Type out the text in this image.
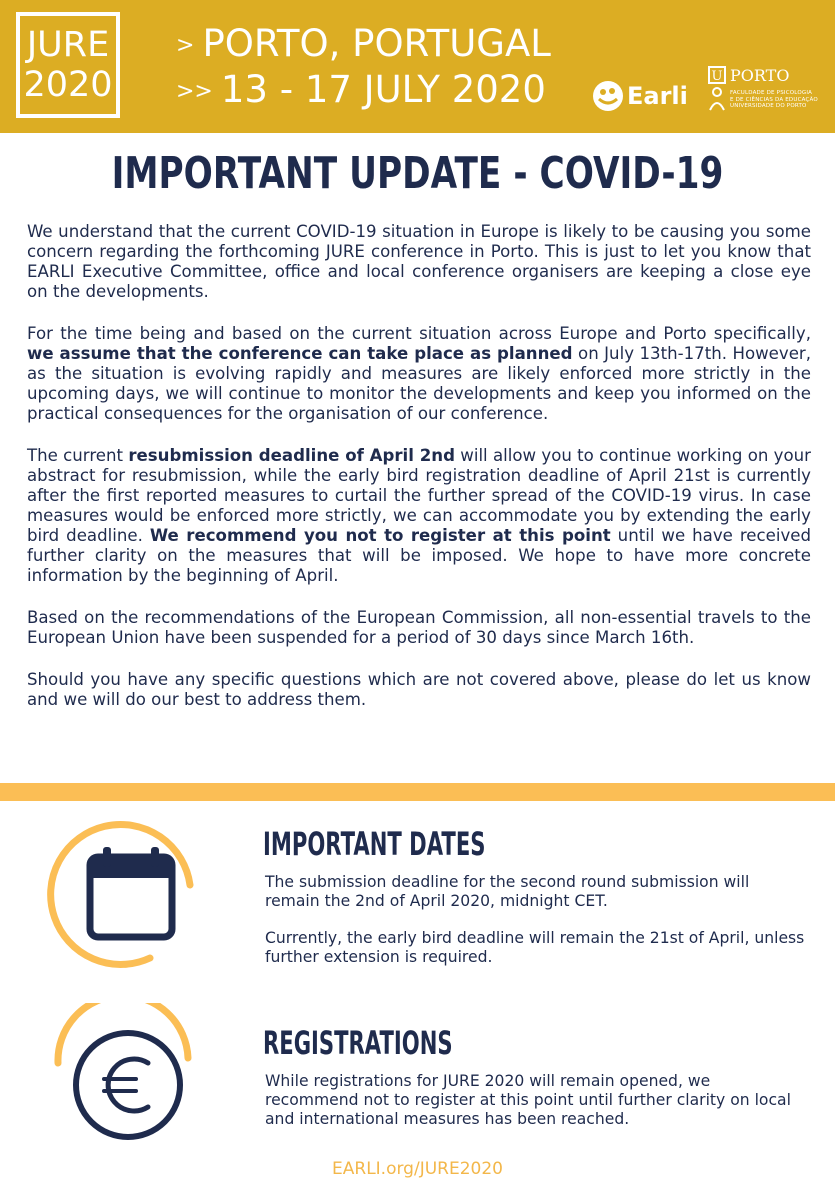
JURE
2020
> PORTO, PORTUGAL
>> 13 - 17 JULY 2020	Earli
U PORTO
FACULDADE DE PSICOLOGIA
E DE CIÊNCIAS DA EDUCAÇÃO
UNIVERSIDADE DO PORTO
IMPORTANT UPDATE - COVID-19

We understand that the current COVID-19 situation in Europe is likely to be causing you some concern regarding the forthcoming JURE conference in Porto. This is just to let you know that EARLI Executive Committee, office and local conference organisers are keeping a close eye on the developments.

For the time being and based on the current situation across Europe and Porto specifically, we assume that the conference can take place as planned on July 13th-17th. However, as the situation is evolving rapidly and measures are likely enforced more strictly in the upcoming days, we will continue to monitor the developments and keep you informed on the practical consequences for the organisation of our conference.

The current resubmission deadline of April 2nd will allow you to continue working on your abstract for resubmission, while the early bird registration deadline of April 21st is currently after the first reported measures to curtail the further spread of the COVID-19 virus. In case measures would be enforced more strictly, we can accommodate you by extending the early bird deadline. We recommend you not to register at this point until we have received further clarity on the measures that will be imposed. We hope to have more concrete information by the beginning of April.

Based on the recommendations of the European Commission, all non-essential travels to the European Union have been suspended for a period of 30 days since March 16th.

Should you have any specific questions which are not covered above, please do let us know and we will do our best to address them.

IMPORTANT DATES

The submission deadline for the second round submission will remain the 2nd of April 2020, midnight CET.

Currently, the early bird deadline will remain the 21st of April, unless further extension is required.

REGISTRATIONS

While registrations for JURE 2020 will remain opened, we recommend not to register at this point until further clarity on local and international measures has been reached.

EARLI.org/JURE2020
